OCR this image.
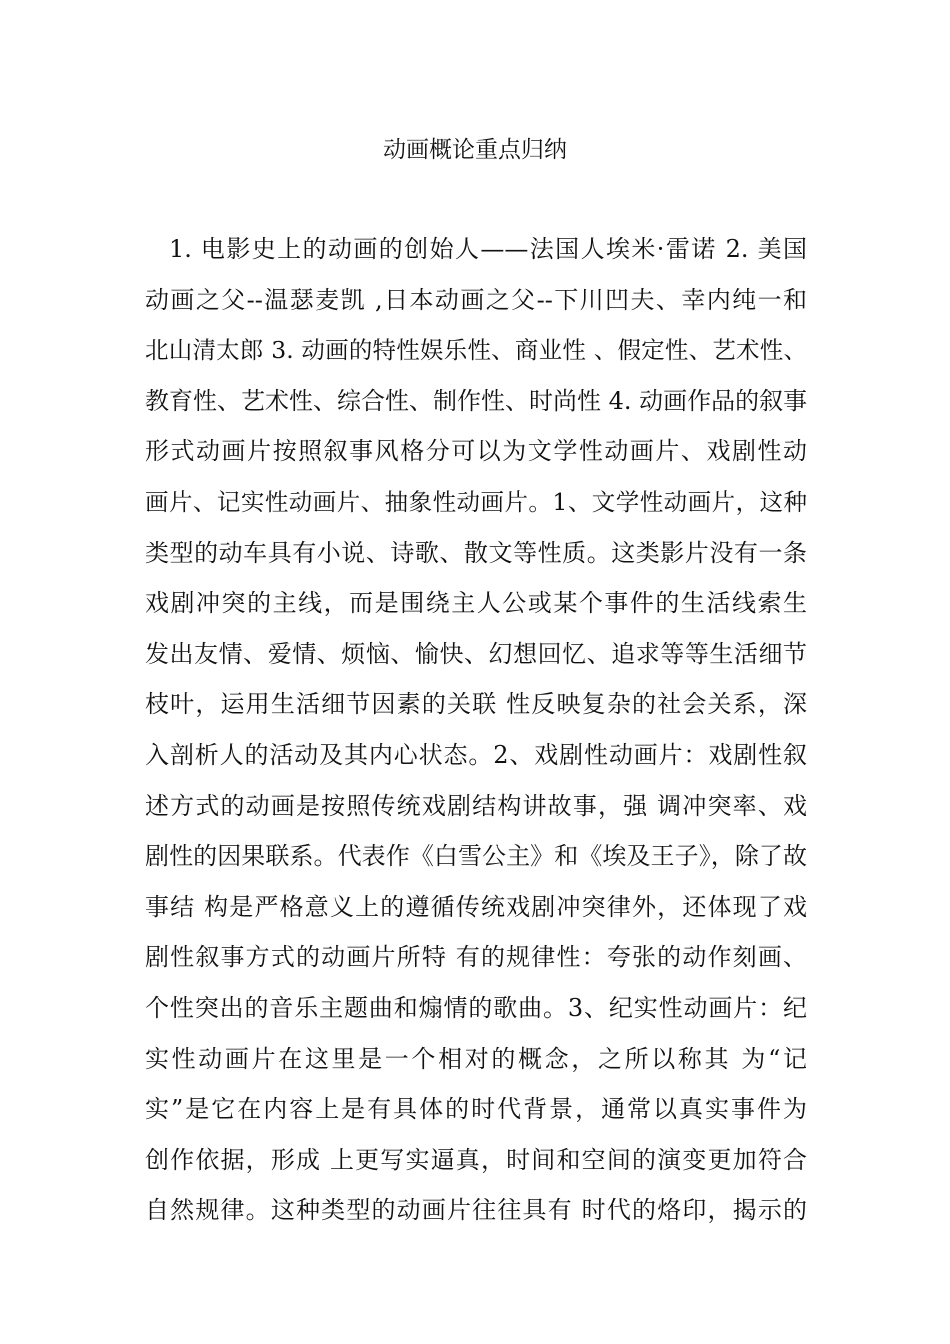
动画概论重点归纳
1. 电影史上的动画的创始人——法国人埃米·雷诺 2. 美国
动画之父--温瑟麦凯 ,日本动画之父--下川凹夫、幸内纯一和
北山清太郎 3. 动画的特性娱乐性、商业性 、假定性、艺术性、
教育性、艺术性、综合性、制作性、时尚性 4. 动画作品的叙事
形式动画片按照叙事风格分可以为文学性动画片、戏剧性动
画片、记实性动画片、抽象性动画片。1、文学性动画片，这种
类型的动车具有小说、诗歌、散文等性质。这类影片没有一条
戏剧冲突的主线，而是围绕主人公或某个事件的生活线索生
发出友情、爱情、烦恼、愉快、幻想回忆、追求等等生活细节
枝叶，运用生活细节因素的关联 性反映复杂的社会关系，深
入剖析人的活动及其内心状态。2、戏剧性动画片：戏剧性叙
述方式的动画是按照传统戏剧结构讲故事，强 调冲突率、戏
剧性的因果联系。代表作《白雪公主》和《埃及王子》，除了故
事结 构是严格意义上的遵循传统戏剧冲突律外，还体现了戏
剧性叙事方式的动画片所特 有的规律性：夸张的动作刻画、
个性突出的音乐主题曲和煽情的歌曲。3、纪实性动画片：纪
实性动画片在这里是一个相对的概念，之所以称其 为“记
实”是它在内容上是有具体的时代背景，通常以真实事件为
创作依据，形成 上更写实逼真，时间和空间的演变更加符合
自然规律。这种类型的动画片往往具有 时代的烙印，揭示的
